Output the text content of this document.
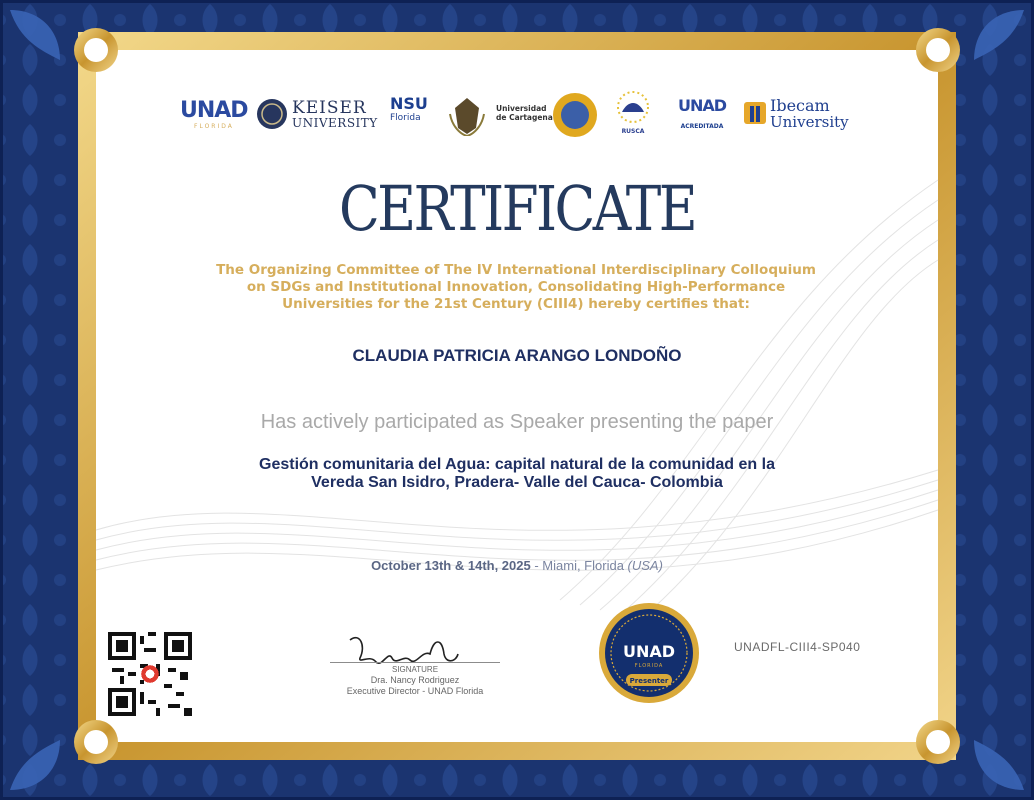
UNAD
FLORIDA
KEISER
UNIVERSITY
NSU
Florida
Universidad
de Cartagena
RUSCA
UNAD
ACREDITADA
Ibecam
University
CERTIFICATE
The Organizing Committee of The IV International Interdisciplinary Colloquium on SDGs and Institutional Innovation, Consolidating High-Performance Universities for the 21st Century (CIII4) hereby certifies that:
CLAUDIA PATRICIA ARANGO LONDOÑO
Has actively participated as Speaker presenting the paper
Gestión comunitaria del Agua: capital natural de la comunidad en la
Vereda San Isidro, Pradera- Valle del Cauca- Colombia
October 13th & 14th, 2025 - Miami, Florida (USA)
SIGNATURE
Dra. Nancy Rodriguez
Executive Director - UNAD Florida
UNAD
FLORIDA
Presenter
UNADFL-CIII4-SP040
